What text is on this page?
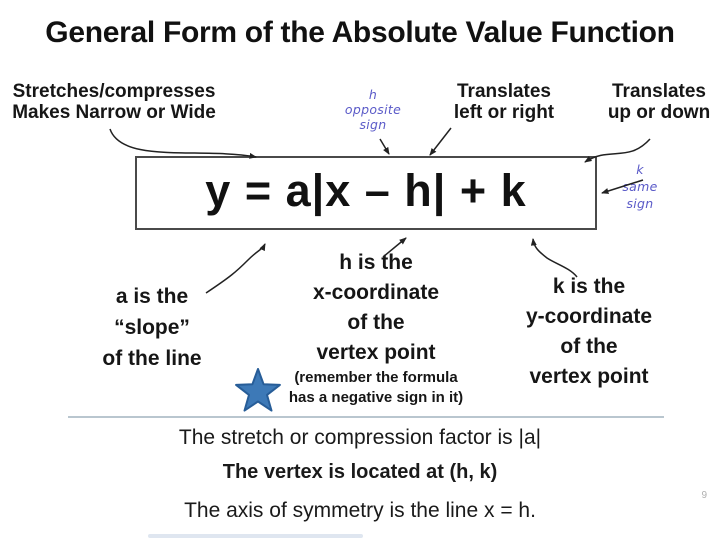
General Form of the Absolute Value Function
Stretches/compresses
Makes Narrow or Wide
h
opposite
sign
Translates
left or right
Translates
up or down
y = a|x – h| + k	k
same
sign
a is the
“slope”
of the line
h is the
x-coordinate
of the
vertex point
(remember the formula
has a negative sign in it)
k is the
y-coordinate
of the
vertex point
The stretch or compression factor is |a|
The vertex is located at (h, k)
The axis of symmetry is the line x = h.
9
